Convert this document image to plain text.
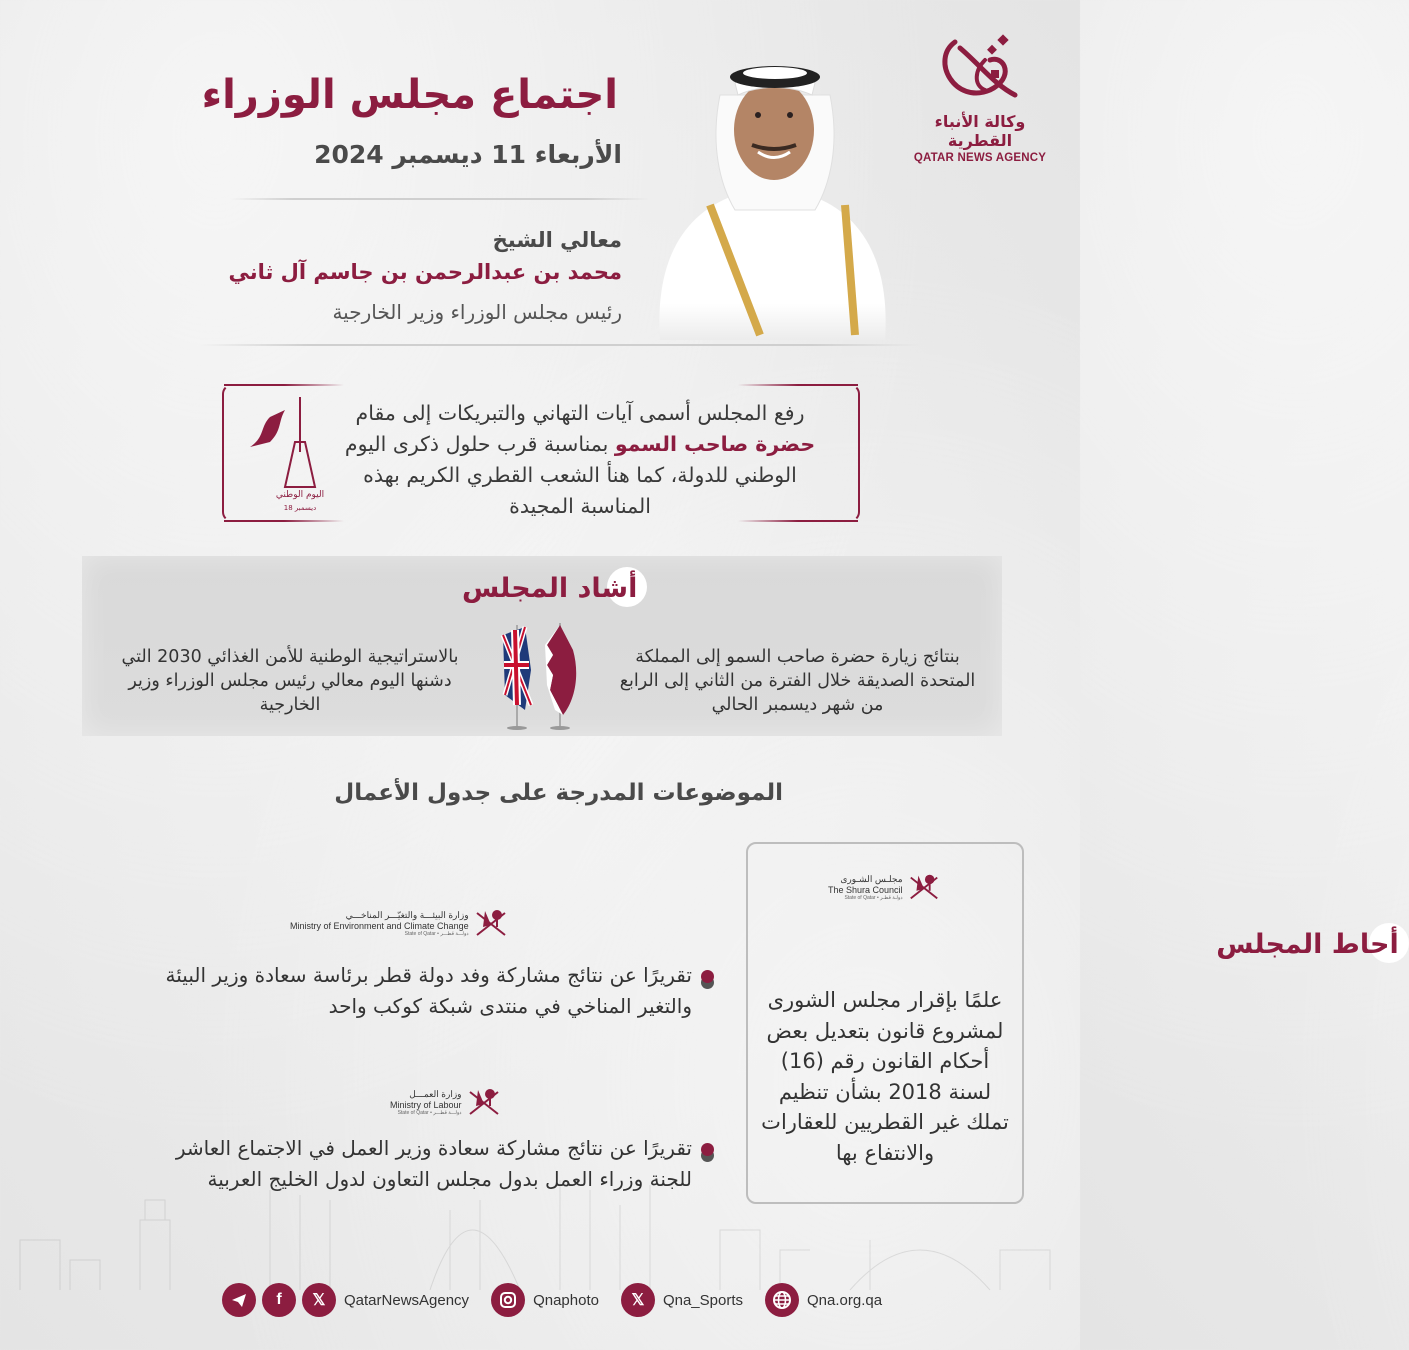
وكالة الأنباء القطرية
QATAR NEWS AGENCY
اجتماع مجلس الوزراء
الأربعاء 11 ديسمبر 2024
معالي الشيخ
محمد بن عبدالرحمن بن جاسم آل ثاني
رئيس مجلس الوزراء وزير الخارجية
اليوم الوطني
18 ديسمبر
رفع المجلس أسمى آيات التهاني والتبريكات إلى مقام حضرة صاحب السمو بمناسبة قرب حلول ذكرى اليوم الوطني للدولة، كما هنأ الشعب القطري الكريم بهذه المناسبة المجيدة
أشاد المجلس
بنتائج زيارة حضرة صاحب السمو إلى المملكة المتحدة الصديقة خلال الفترة من الثاني إلى الرابع من شهر ديسمبر الحالي
بالاستراتيجية الوطنية للأمن الغذائي 2030 التي دشنها اليوم معالي رئيس مجلس الوزراء وزير الخارجية
الموضوعات المدرجة على جدول الأعمال

وزارة البيئـــة والتغيّـــر المناخـــي
Ministry of Environment and Climate Change
State of Qatar • دولـــة قطـــر
تقريرًا عن نتائج مشاركة وفد دولة قطر برئاسة سعادة وزير البيئة والتغير المناخي في منتدى شبكة كوكب واحد
وزارة العمـــل
Ministry of Labour
State of Qatar • دولـــة قطـــر
تقريرًا عن نتائج مشاركة سعادة وزير العمل في الاجتماع العاشر للجنة وزراء العمل بدول مجلس التعاون لدول الخليج العربية
مجلـس الشـورى
The Shura Council
State of Qatar • دولـة قطـر
أحاط المجلس
علمًا بإقرار مجلس الشورى لمشروع قانون بتعديل بعض أحكام القانون رقم (16) لسنة 2018 بشأن تنظيم تملك غير القطريين للعقارات والانتفاع بها
f	𝕏	QatarNewsAgency	Qnaphoto	𝕏	Qna_Sports	Qna.org.qa
